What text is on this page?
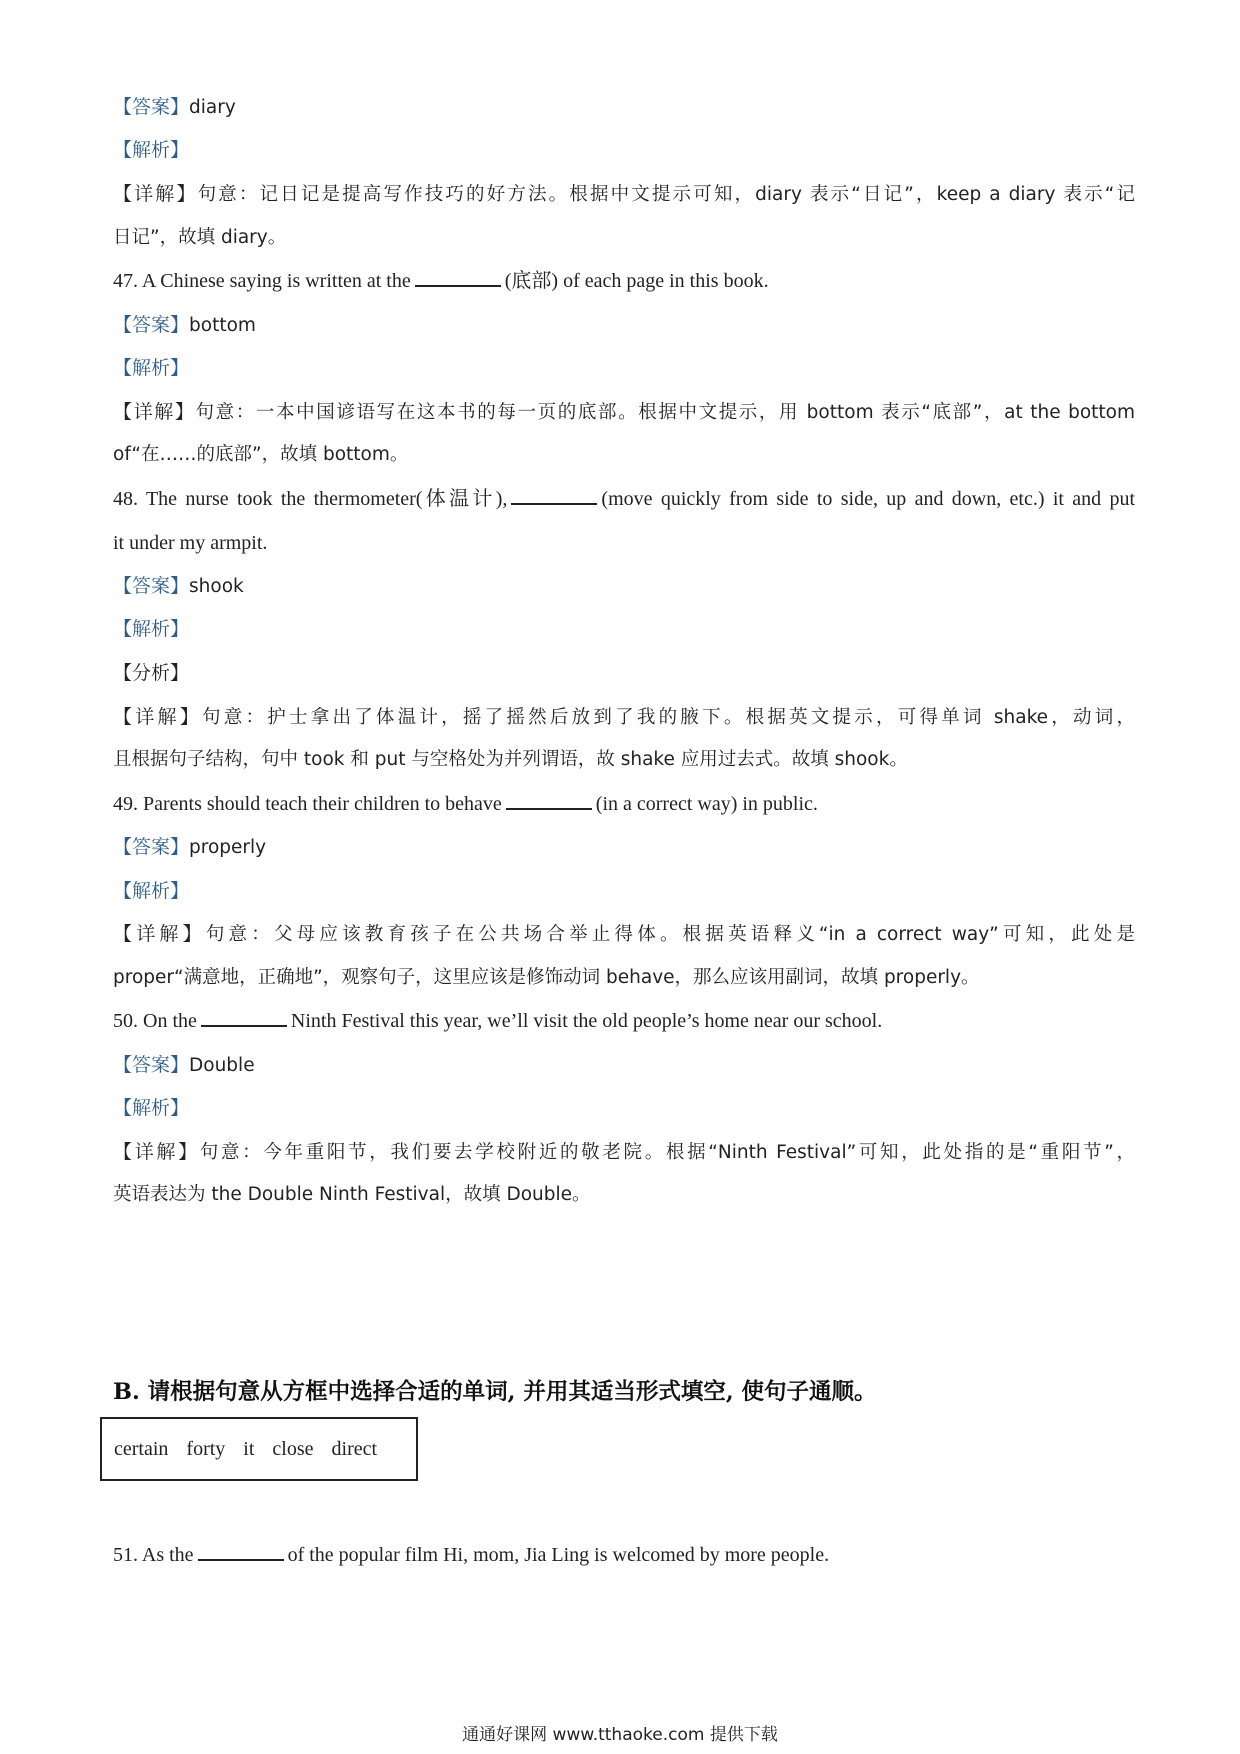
【答案】diary
【解析】
【详解】句意：记日记是提高写作技巧的好方法。根据中文提示可知，diary 表示“日记”，keep a diary 表示“记
日记”，故填 diary。
47. A Chinese saying is written at the	(底部) of each page in this book.
【答案】bottom
【解析】
【详解】句意：一本中国谚语写在这本书的每一页的底部。根据中文提示，用 bottom 表示“底部”，at the bottom
of“在……的底部”，故填 bottom。
48. The nurse took the thermometer(体温计),	(move quickly from side to side, up and down, etc.) it and put
it under my armpit.
【答案】shook
【解析】
【分析】
【详解】句意：护士拿出了体温计，摇了摇然后放到了我的腋下。根据英文提示，可得单词 shake，动词，
且根据句子结构，句中 took 和 put 与空格处为并列谓语，故 shake 应用过去式。故填 shook。
49. Parents should teach their children to behave	(in a correct way) in public.
【答案】properly
【解析】
【详解】句意：父母应该教育孩子在公共场合举止得体。根据英语释义“in a correct way”可知，此处是
proper“满意地，正确地”，观察句子，这里应该是修饰动词 behave，那么应该用副词，故填 properly。
50. On the	Ninth Festival this year, we’ll visit the old people’s home near our school.
【答案】Double
【解析】
【详解】句意：今年重阳节，我们要去学校附近的敬老院。根据“Ninth Festival”可知，此处指的是“重阳节”，
英语表达为 the Double Ninth Festival，故填 Double。
B. 请根据句意从方框中选择合适的单词, 并用其适当形式填空, 使句子通顺。
certain forty it close direct
51. As the	of the popular film Hi, mom, Jia Ling is welcomed by more people.
通通好课网 www.tthaoke.com 提供下载
